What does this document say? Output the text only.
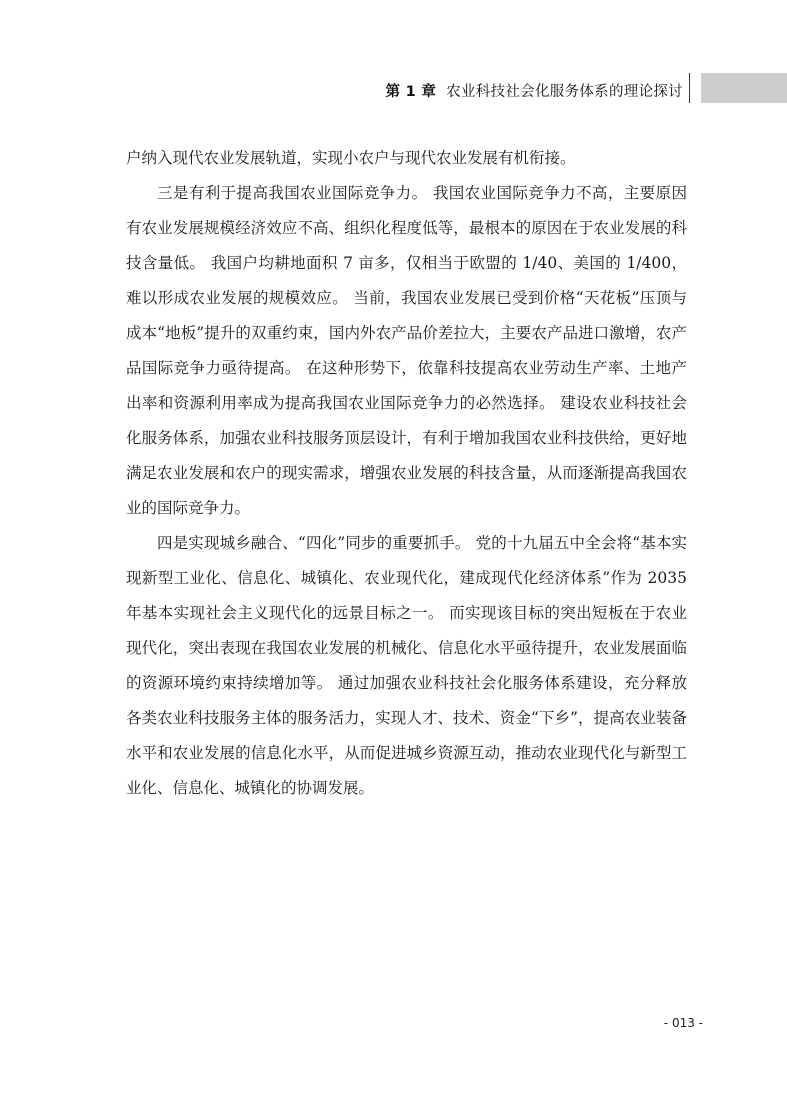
第 1 章 农业科技社会化服务体系的理论探讨

户纳入现代农业发展轨道，实现小农户与现代农业发展有机衔接。

三是有利于提高我国农业国际竞争力。 我国农业国际竞争力不高，主要原因有农业发展规模经济效应不高、组织化程度低等，最根本的原因在于农业发展的科技含量低。 我国户均耕地面积 7 亩多，仅相当于欧盟的 1/40、美国的 1/400，难以形成农业发展的规模效应。 当前，我国农业发展已受到价格“天花板”压顶与成本“地板”提升的双重约束，国内外农产品价差拉大，主要农产品进口激增，农产品国际竞争力亟待提高。 在这种形势下，依靠科技提高农业劳动生产率、土地产出率和资源利用率成为提高我国农业国际竞争力的必然选择。 建设农业科技社会化服务体系，加强农业科技服务顶层设计，有利于增加我国农业科技供给，更好地满足农业发展和农户的现实需求，增强农业发展的科技含量，从而逐渐提高我国农业的国际竞争力。

四是实现城乡融合、“四化”同步的重要抓手。 党的十九届五中全会将“基本实现新型工业化、信息化、城镇化、农业现代化，建成现代化经济体系”作为 2035 年基本实现社会主义现代化的远景目标之一。 而实现该目标的突出短板在于农业现代化，突出表现在我国农业发展的机械化、信息化水平亟待提升，农业发展面临的资源环境约束持续增加等。 通过加强农业科技社会化服务体系建设，充分释放各类农业科技服务主体的服务活力，实现人才、技术、资金“下乡”，提高农业装备水平和农业发展的信息化水平，从而促进城乡资源互动，推动农业现代化与新型工业化、信息化、城镇化的协调发展。

- 013 -
